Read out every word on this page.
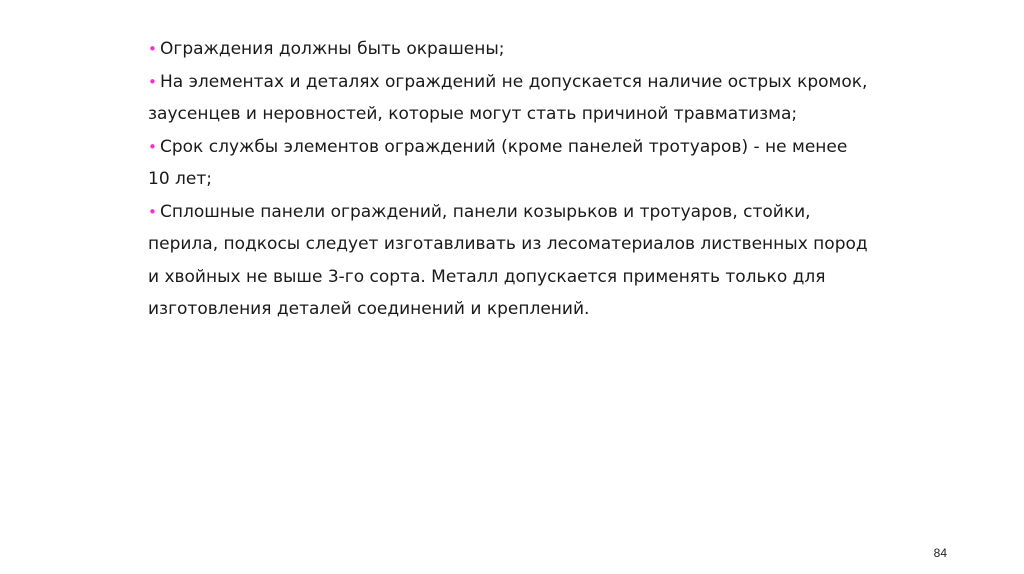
• Ограждения должны быть окрашены;
• На элементах и деталях ограждений не допускается наличие острых кромок,
заусенцев и неровностей, которые могут стать причиной травматизма;
• Срок службы элементов ограждений (кроме панелей тротуаров) - не менее
10 лет;
• Сплошные панели ограждений, панели козырьков и тротуаров, стойки,
перила, подкосы следует изготавливать из лесоматериалов лиственных пород
и хвойных не выше 3-го сорта. Металл допускается применять только для
изготовления деталей соединений и креплений.
84
